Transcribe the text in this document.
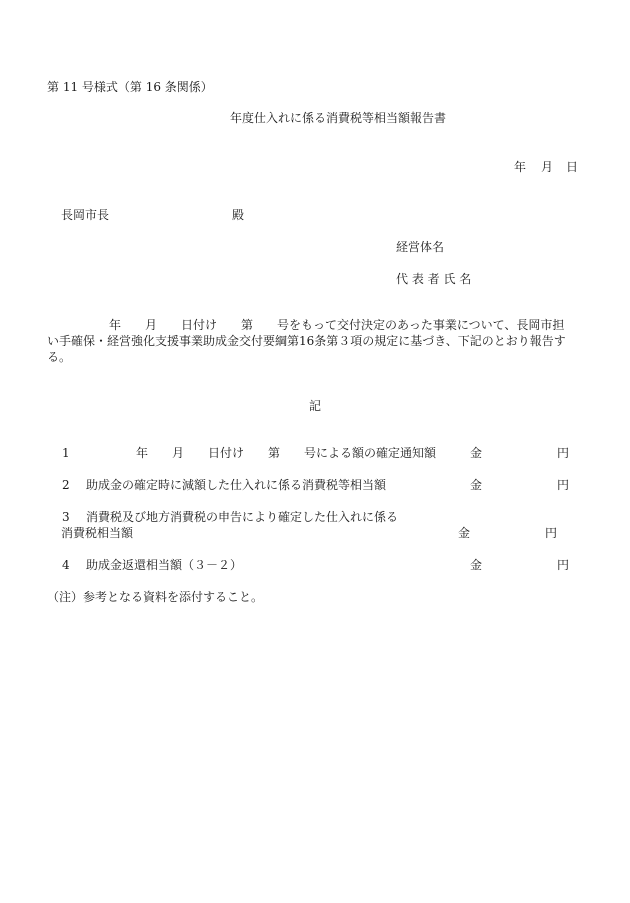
第 11 号様式（第 16 条関係）
年度仕入れに係る消費税等相当額報告書
年 月 日
長岡市長	殿
経営体名
代 表 者 氏 名
年　　月　　日付け　　第　　号をもって交付決定のあった事業について、長岡市担
い手確保・経営強化支援事業助成金交付要綱第16条第３項の規定に基づき、下記のとおり報告す
る。
記
1	年　　月　　日付け　　第　　号による額の確定通知額	金	円
2 助成金の確定時に減額した仕入れに係る消費税等相当額	金	円
3 消費税及び地方消費税の申告により確定した仕入れに係る
消費税相当額	金	円
4 助成金返還相当額（３－２）	金	円
（注）参考となる資料を添付すること。
